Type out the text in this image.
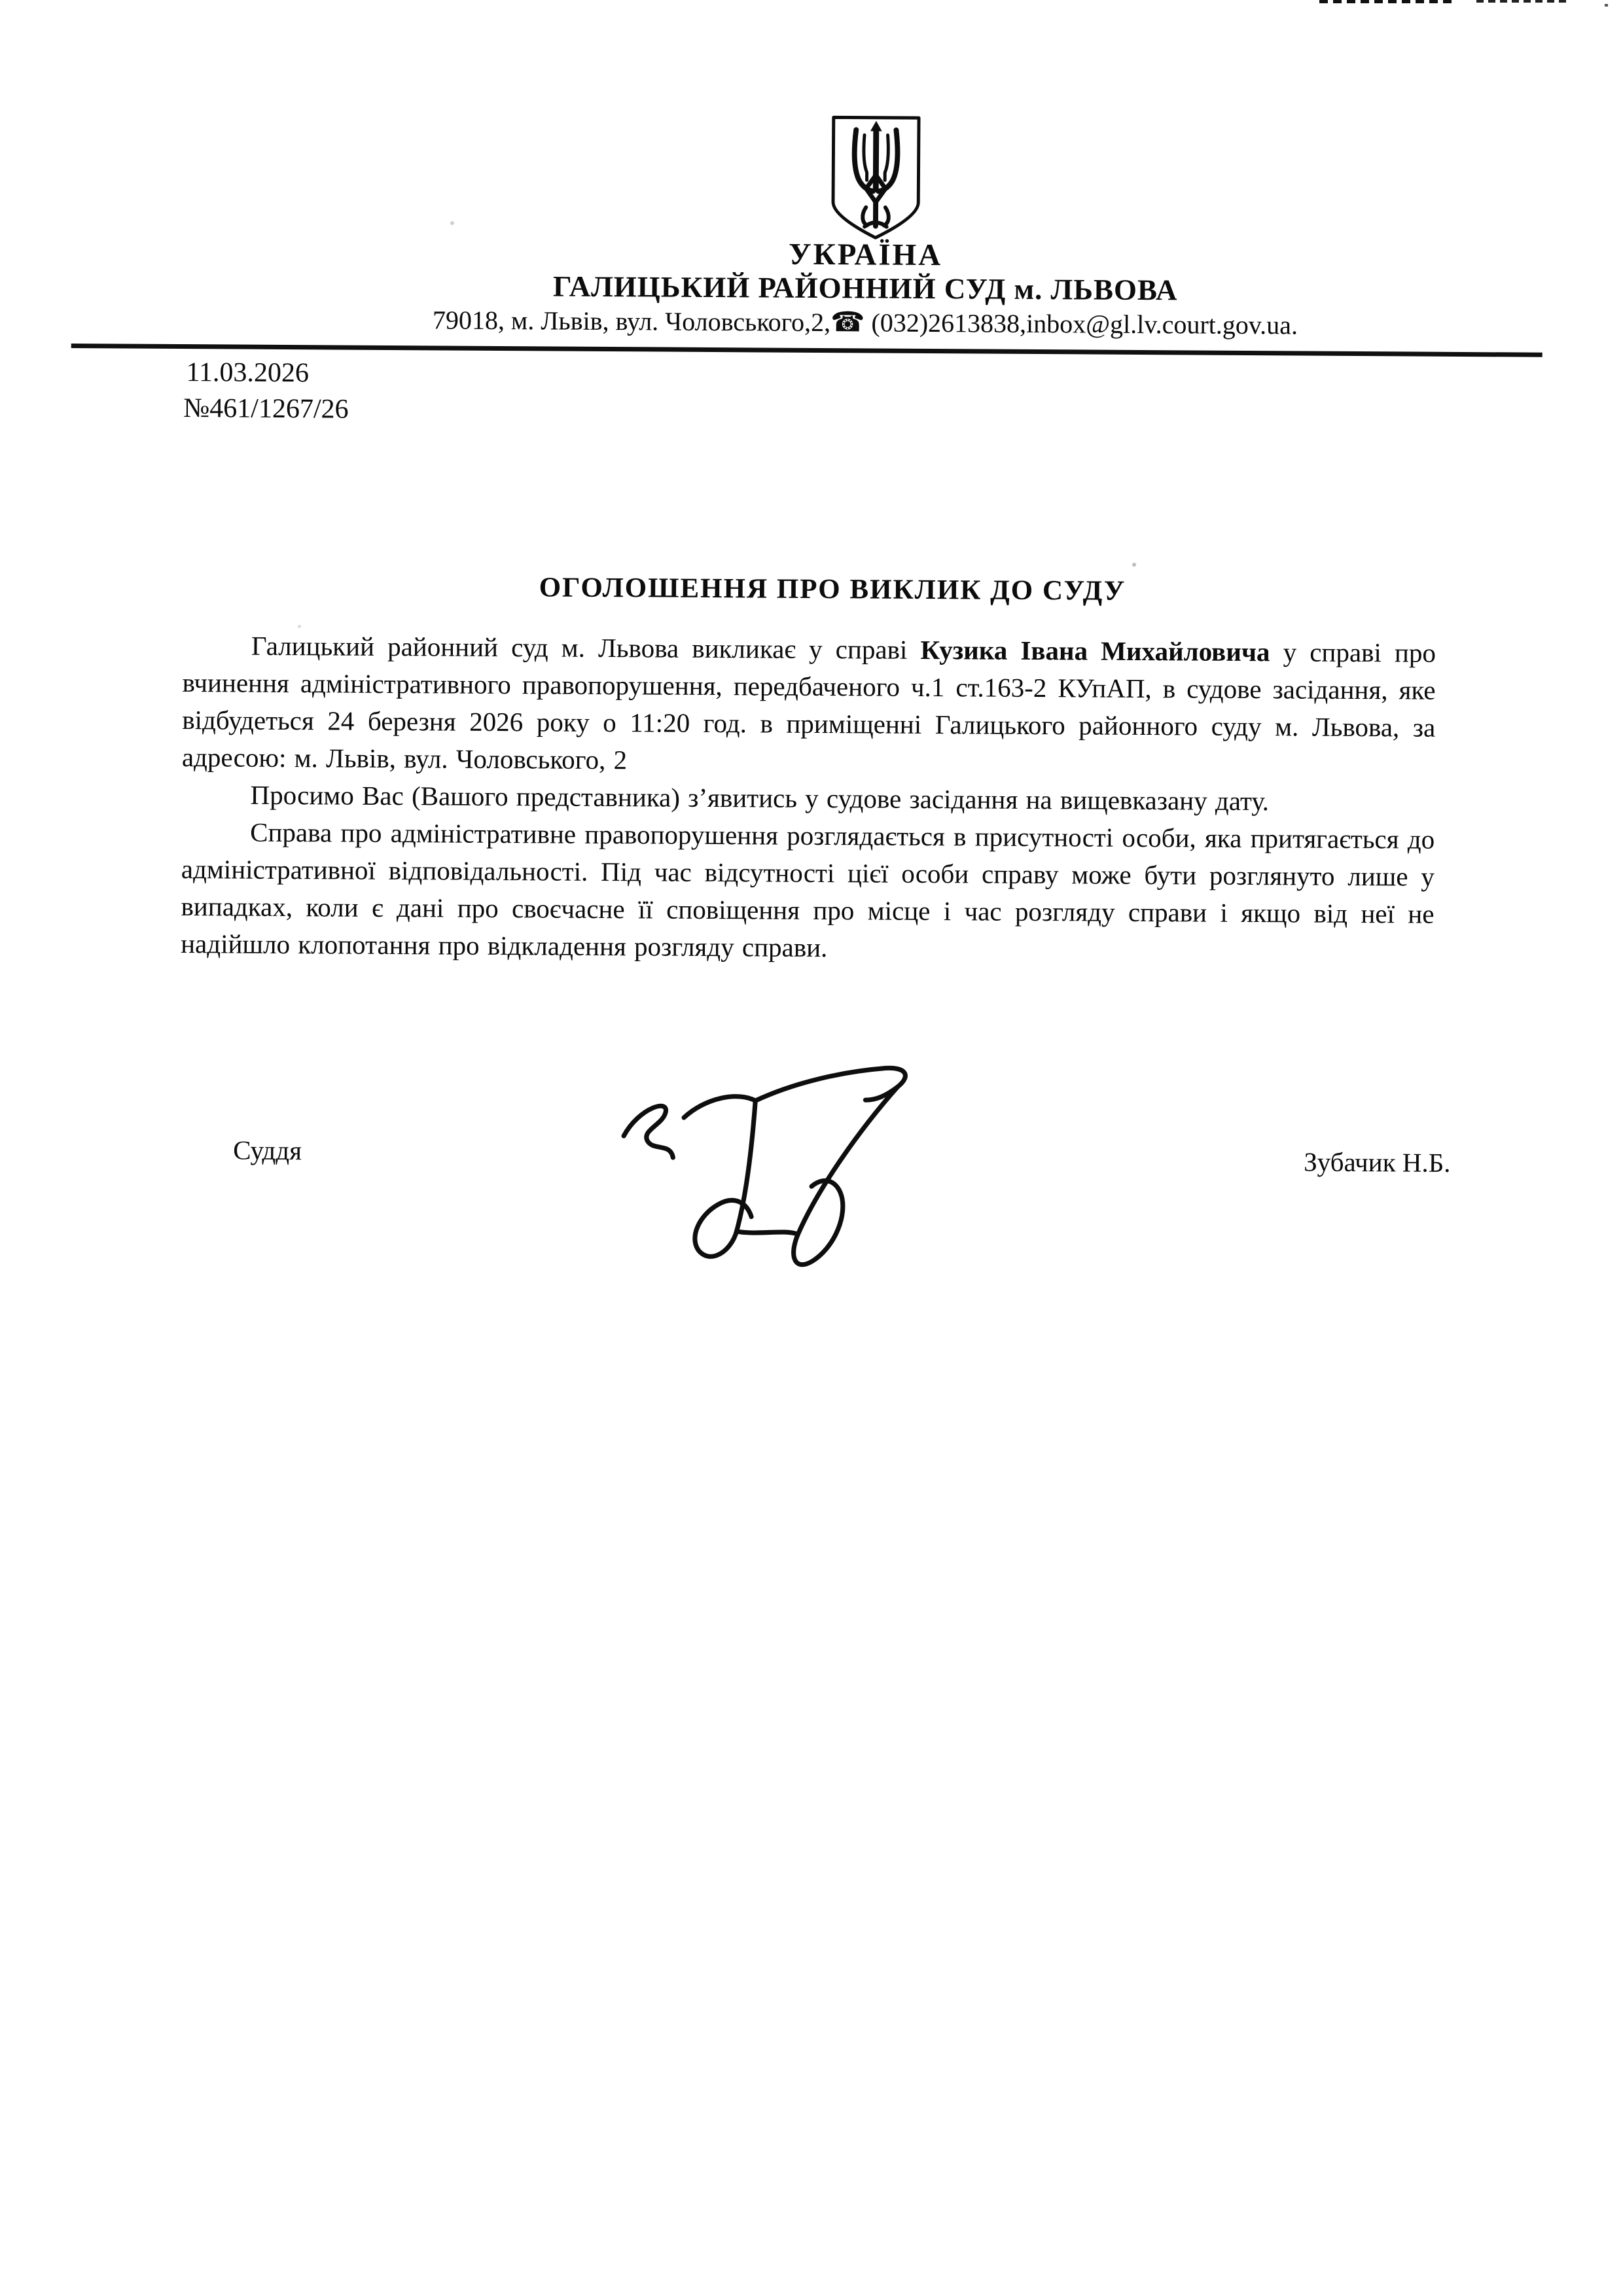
УКРАЇНА
ГАЛИЦЬКИЙ РАЙОННИЙ СУД м. ЛЬВОВА
79018, м. Львів, вул. Чоловського,2,☎ (032)2613838,inbox@gl.lv.court.gov.ua.
11.03.2026
№461/1267/26
ОГОЛОШЕННЯ ПРО ВИКЛИК ДО СУДУ

Галицький районний суд м. Львова викликає у справі Кузика Івана Михайловича у справі про вчинення адміністративного правопорушення, передбаченого ч.1 ст.163-2 КУпАП, в судове засідання, яке відбудеться 24 березня 2026 року о 11:20 год. в приміщенні Галицького районного суду м. Львова, за адресою: м. Львів, вул. Чоловського, 2

Просимо Вас (Вашого представника) з’явитись у судове засідання на вищевказану дату.

Справа про адміністративне правопорушення розглядається в присутності особи, яка притягається до адміністративної відповідальності. Під час відсутності цієї особи справу може бути розглянуто лише у випадках, коли є дані про своєчасне її сповіщення про місце і час розгляду справи і якщо від неї не надійшло клопотання про відкладення розгляду справи.

Суддя	Зубачик Н.Б.
